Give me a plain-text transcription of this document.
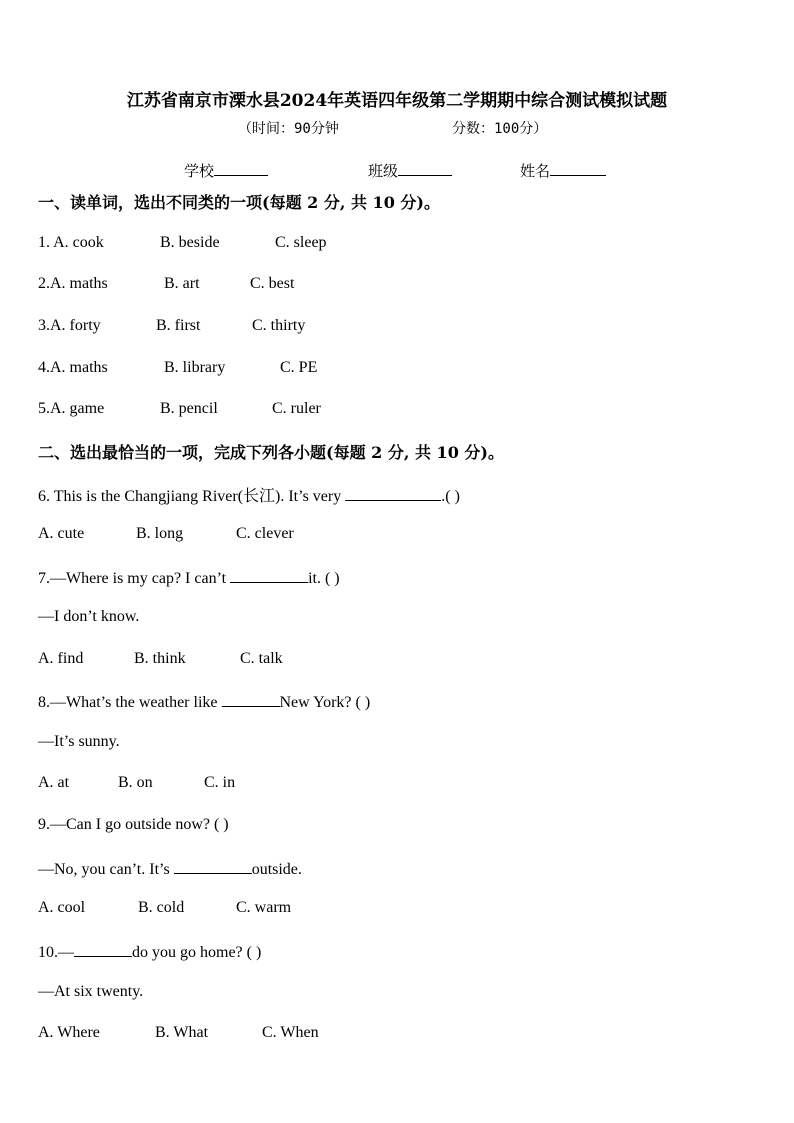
江苏省南京市溧水县2024年英语四年级第二学期期中综合测试模拟试题
（时间：90分钟	分数：100分）
学校	班级	姓名
一、读单词，选出不同类的一项(每题 2 分, 共 10 分)。
1. A. cook	B. beside	C. sleep
2.A. maths	B. art	C. best
3.A. forty	B. first	C. thirty
4.A. maths	B. library	C. PE
5.A. game	B. pencil	C. ruler
二、选出最恰当的一项，完成下列各小题(每题 2 分, 共 10 分)。
6. This is the Changjiang River(长江). It’s very	.( )
A. cute	B. long	C. clever
7.—Where is my cap? I can’t	it. ( )
—I don’t know.
A. find	B. think	C. talk
8.—What’s the weather like	New York? ( )
—It’s sunny.
A. at	B. on	C. in
9.—Can I go outside now? ( )
—No, you can’t. It’s	outside.
A. cool	B. cold	C. warm
10.—	do you go home? ( )
—At six twenty.
A. Where	B. What	C. When
